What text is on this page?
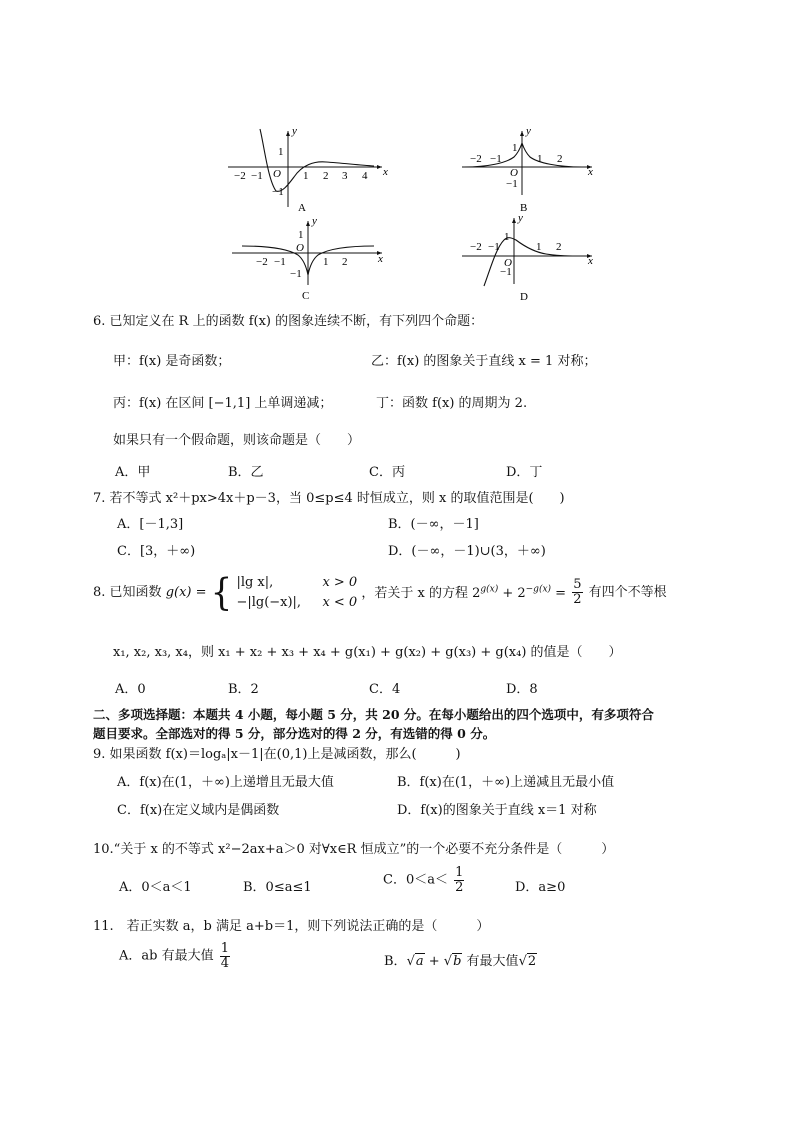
y
x
−2 −1 O 1 2 3 4
1
−1
A
y
x
−2 −1	1 2
1
O
−1
B
y
x
1
O
−2 −1	1 2
−1
C
y
x
−2 −1	1 2
1
O
−1
D
6. 已知定义在 R 上的函数 f(x) 的图象连续不断，有下列四个命题：
甲：f(x) 是奇函数；	乙：f(x) 的图象关于直线 x = 1 对称；
丙：f(x) 在区间 [−1,1] 上单调递减；	丁：函数 f(x) 的周期为 2.
如果只有一个假命题，则该命题是（　　）
A．甲	B．乙	C．丙	D．丁
7. 若不等式 x²＋px>4x＋p－3，当 0≤p≤4 时恒成立，则 x 的取值范围是(　　)
A．[－1,3]	B．(－∞，－1]
C．[3，＋∞)	D．(－∞，－1)∪(3，＋∞)
8. 已知函数 g(x) = { |lg x|,	x > 0
−|lg(−x)|, x < 0
，若关于 x 的方程 $2^{g(x)} + 2^{-g(x)} = \frac{5}{2}$ 有四个不等根
x₁, x₂, x₃, x₄，则 x₁ + x₂ + x₃ + x₄ + g(x₁) + g(x₂) + g(x₃) + g(x₄) 的值是（　　）
A．0	B．2	C．4	D．8
二、多项选择题：本题共 4 小题，每小题 5 分，共 20 分。在每小题给出的四个选项中，有多项符合
题目要求。全部选对的得 5 分，部分选对的得 2 分，有选错的得 0 分。
9. 如果函数 f(x)＝logₐ|x－1|在(0,1)上是减函数，那么(　　　)
A．f(x)在(1，＋∞)上递增且无最大值	B．f(x)在(1，＋∞)上递减且无最小值
C．f(x)在定义域内是偶函数	D．f(x)的图象关于直线 x＝1 对称
10.“关于 x 的不等式 x²−2ax+a＞0 对∀x∈R 恒成立”的一个必要不充分条件是（　　　）
A．0＜a＜1	B．0≤a≤1	C．$0<a< \frac{1}{2}$	D．a≥0
11.　若正实数 a，b 满足 a+b＝1，则下列说法正确的是（　　　）
A．ab 有最大值 $\frac{1}{4}$	B．√a + √b 有最大值√2
